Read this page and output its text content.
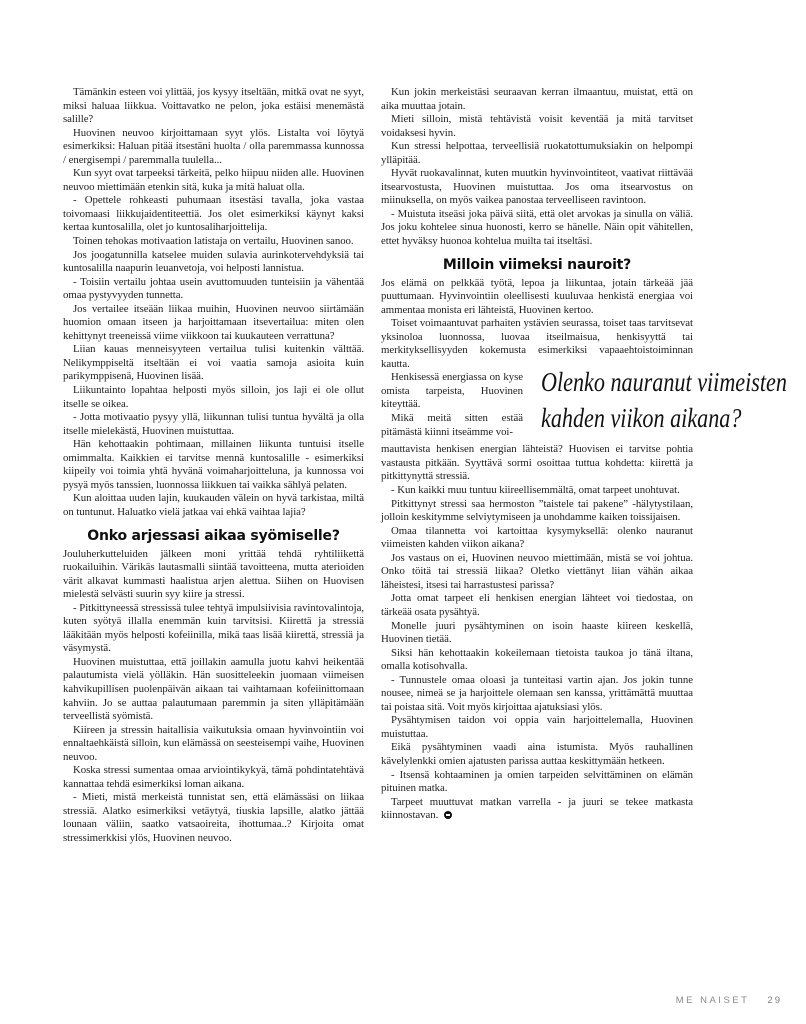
Tämänkin esteen voi ylittää, jos kysyy itseltään, mitkä ovat ne syyt, miksi haluaa liikkua. Voittavatko ne pelon, joka estäisi menemästä salille?

Huovinen neuvoo kirjoittamaan syyt ylös. Listalta voi löytyä esimerkiksi: Haluan pitää itsestäni huolta / olla paremmassa kunnossa / energisempi / paremmalla tuulella...

Kun syyt ovat tarpeeksi tärkeitä, pelko hiipuu niiden alle. Huovinen neuvoo miettimään etenkin sitä, kuka ja mitä haluat olla.

- Opettele rohkeasti puhumaan itsestäsi tavalla, joka vastaa toivomaasi liikkujaidentiteettiä. Jos olet esimerkiksi käynyt kaksi kertaa kuntosalilla, olet jo kuntosaliharjoittelija.

Toinen tehokas motivaation latistaja on vertailu, Huovinen sanoo.

Jos joogatunnilla katselee muiden sulavia aurinkotervehdyksiä tai kuntosalilla naapurin leuanvetoja, voi helposti lannistua.

- Toisiin vertailu johtaa usein avuttomuuden tunteisiin ja vähentää omaa pystyvyyden tunnetta.

Jos vertailee itseään liikaa muihin, Huovinen neuvoo siirtämään huomion omaan itseen ja harjoittamaan itsevertailua: miten olen kehittynyt treeneissä viime viikkoon tai kuukauteen verrattuna?

Liian kauas menneisyyteen vertailua tulisi kuitenkin välttää. Nelikymppiseltä itseltään ei voi vaatia samoja asioita kuin parikymppisenä, Huovinen lisää.

Liikuntainto lopahtaa helposti myös silloin, jos laji ei ole ollut itselle se oikea.

- Jotta motivaatio pysyy yllä, liikunnan tulisi tuntua hyvältä ja olla itselle mielekästä, Huovinen muistuttaa.

Hän kehottaakin pohtimaan, millainen liikunta tuntuisi itselle omimmalta. Kaikkien ei tarvitse mennä kuntosalille - esimerkiksi kiipeily voi toimia yhtä hyvänä voimaharjoitteluna, ja kunnossa voi pysyä myös tanssien, luonnossa liikkuen tai vaikka sählyä pelaten.

Kun aloittaa uuden lajin, kuukauden välein on hyvä tarkistaa, miltä on tuntunut. Haluatko vielä jatkaa vai ehkä vaihtaa lajia?

Onko arjessasi aikaa syömiselle?

Jouluherkutteluiden jälkeen moni yrittää tehdä ryhtiliikettä ruokailuihin. Värikäs lautasmalli siintää tavoitteena, mutta aterioiden värit alkavat kummasti haalistua arjen alettua. Siihen on Huovisen mielestä selvästi suurin syy kiire ja stressi.

- Pitkittyneessä stressissä tulee tehtyä impulsiivisia ravintovalintoja, kuten syötyä illalla enemmän kuin tarvitsisi. Kiirettä ja stressiä lääkitään myös helposti kofeiinilla, mikä taas lisää kiirettä, stressiä ja väsymystä.

Huovinen muistuttaa, että joillakin aamulla juotu kahvi heikentää palautumista vielä yölläkin. Hän suositteleekin juomaan viimeisen kahvikupillisen puolenpäivän aikaan tai vaihtamaan kofeiinittomaan kahviin. Jo se auttaa palautumaan paremmin ja siten ylläpitämään terveellistä syömistä.

Kiireen ja stressin haitallisia vaikutuksia omaan hyvinvointiin voi ennaltaehkäistä silloin, kun elämässä on seesteisempi vaihe, Huovinen neuvoo.

Koska stressi sumentaa omaa arviointikykyä, tämä pohdintatehtävä kannattaa tehdä esimerkiksi loman aikana.

- Mieti, mistä merkeistä tunnistat sen, että elämässäsi on liikaa stressiä. Alatko esimerkiksi vetäytyä, tiuskia lapsille, alatko jättää lounaan väliin, saatko vatsaoireita, ihottumaa..? Kirjoita omat stressimerkkisi ylös, Huovinen neuvoo.

Kun jokin merkeistäsi seuraavan kerran ilmaantuu, muistat, että on aika muuttaa jotain.

Mieti silloin, mistä tehtävistä voisit keventää ja mitä tarvitset voidaksesi hyvin.

Kun stressi helpottaa, terveellisiä ruokatottumuksiakin on helpompi ylläpitää.

Hyvät ruokavalinnat, kuten muutkin hyvinvointiteot, vaativat riittävää itsearvostusta, Huovinen muistuttaa. Jos oma itsearvostus on miinuksella, on myös vaikea panostaa terveelliseen ravintoon.

- Muistuta itseäsi joka päivä siitä, että olet arvokas ja sinulla on väliä. Jos joku kohtelee sinua huonosti, kerro se hänelle. Näin opit vähitellen, ettet hyväksy huonoa kohtelua muilta tai itseltäsi.

Milloin viimeksi nauroit?

Jos elämä on pelkkää työtä, lepoa ja liikuntaa, jotain tärkeää jää puuttumaan. Hyvinvointiin oleellisesti kuuluvaa henkistä energiaa voi ammentaa monista eri lähteistä, Huovinen kertoo.

Toiset voimaantuvat parhaiten ystävien seurassa, toiset taas tarvitsevat yksinoloa luonnossa, luovaa itseilmaisua, henkisyyttä tai merkityksellisyyden kokemusta esimerkiksi vapaaehtoistoiminnan kautta.

Henkisessä energiassa on kyse omista tarpeista, Huovinen kiteyttää.

Mikä meitä sitten estää pitämästä kiinni itseämme voi-

Olenko nauranut viimeisten
kahden viikon aikana?

mauttavista henkisen energian lähteistä? Huovisen ei tarvitse pohtia vastausta pitkään. Syyttävä sormi osoittaa tuttua kohdetta: kiirettä ja pitkittynyttä stressiä.

- Kun kaikki muu tuntuu kiireellisemmältä, omat tarpeet unohtuvat.

Pitkittynyt stressi saa hermoston ”taistele tai pakene” -hälytystilaan, jolloin keskitymme selviytymiseen ja unohdamme kaiken toissijaisen.

Omaa tilannetta voi kartoittaa kysymyksellä: olenko nauranut viimeisten kahden viikon aikana?

Jos vastaus on ei, Huovinen neuvoo miettimään, mistä se voi johtua. Onko töitä tai stressiä liikaa? Oletko viettänyt liian vähän aikaa läheistesi, itsesi tai harrastustesi parissa?

Jotta omat tarpeet eli henkisen energian lähteet voi tiedostaa, on tärkeää osata pysähtyä.

Monelle juuri pysähtyminen on isoin haaste kiireen keskellä, Huovinen tietää.

Siksi hän kehottaakin kokeilemaan tietoista taukoa jo tänä iltana, omalla kotisohvalla.

- Tunnustele omaa oloasi ja tunteitasi vartin ajan. Jos jokin tunne nousee, nimeä se ja harjoittele olemaan sen kanssa, yrittämättä muuttaa tai poistaa sitä. Voit myös kirjoittaa ajatuksiasi ylös.

Pysähtymisen taidon voi oppia vain harjoittelemalla, Huovinen muistuttaa.

Eikä pysähtyminen vaadi aina istumista. Myös rauhallinen kävelylenkki omien ajatusten parissa auttaa keskittymään hetkeen.

- Itsensä kohtaaminen ja omien tarpeiden selvittäminen on elämän pituinen matka.

Tarpeet muuttuvat matkan varrella - ja juuri se tekee matkasta kiinnostavan.

ME NAISET 29
